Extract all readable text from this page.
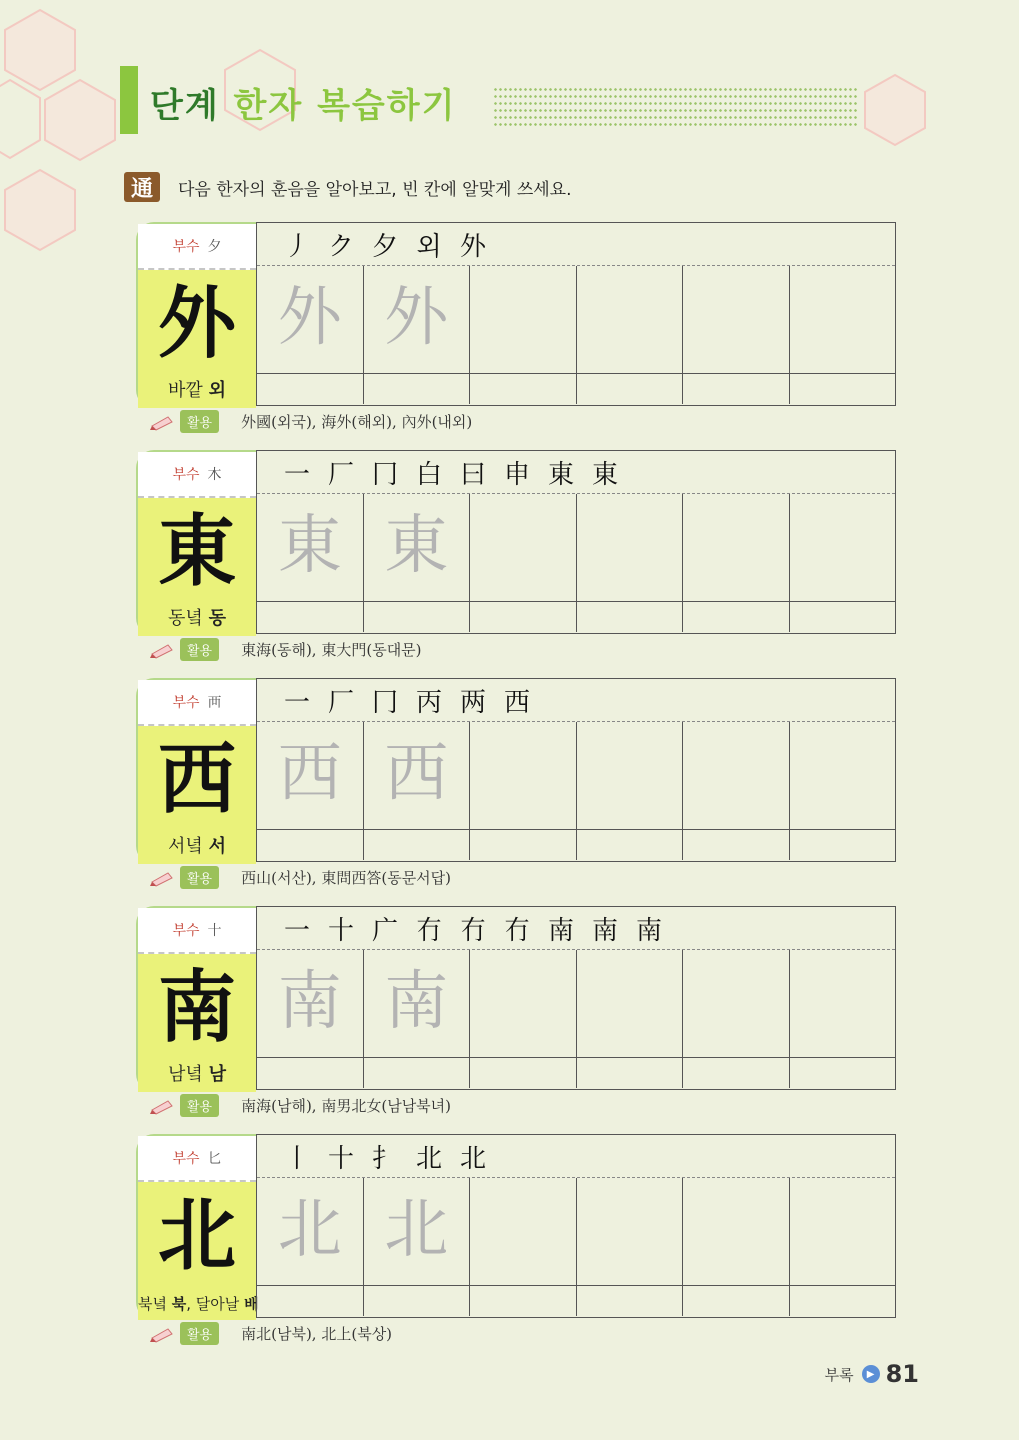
단계 한자 복습하기
通	다음 한자의 훈음을 알아보고, 빈 칸에 알맞게 쓰세요.
부수 夕
外
바깥 외
丿 ク 夕 외 外
外 外
활용	外國(외국), 海外(해외), 內外(내외)
부수 木
東
동녘 동
一 厂 冂 白 曰 申 東 東
東 東
활용	東海(동해), 東大門(동대문)
부수 襾
西
서녘 서
一 厂 冂 丙 两 西
西 西
활용	西山(서산), 東問西答(동문서답)
부수 十
南
남녘 남
一 十 广 冇 冇 冇 南 南 南
南 南
활용	南海(남해), 南男北女(남남북녀)
부수 匕
北
북녘 북, 달아날 배
丨 十 扌 北 北
北 北
활용	南北(남북), 北上(북상)
부록	▶ 81
